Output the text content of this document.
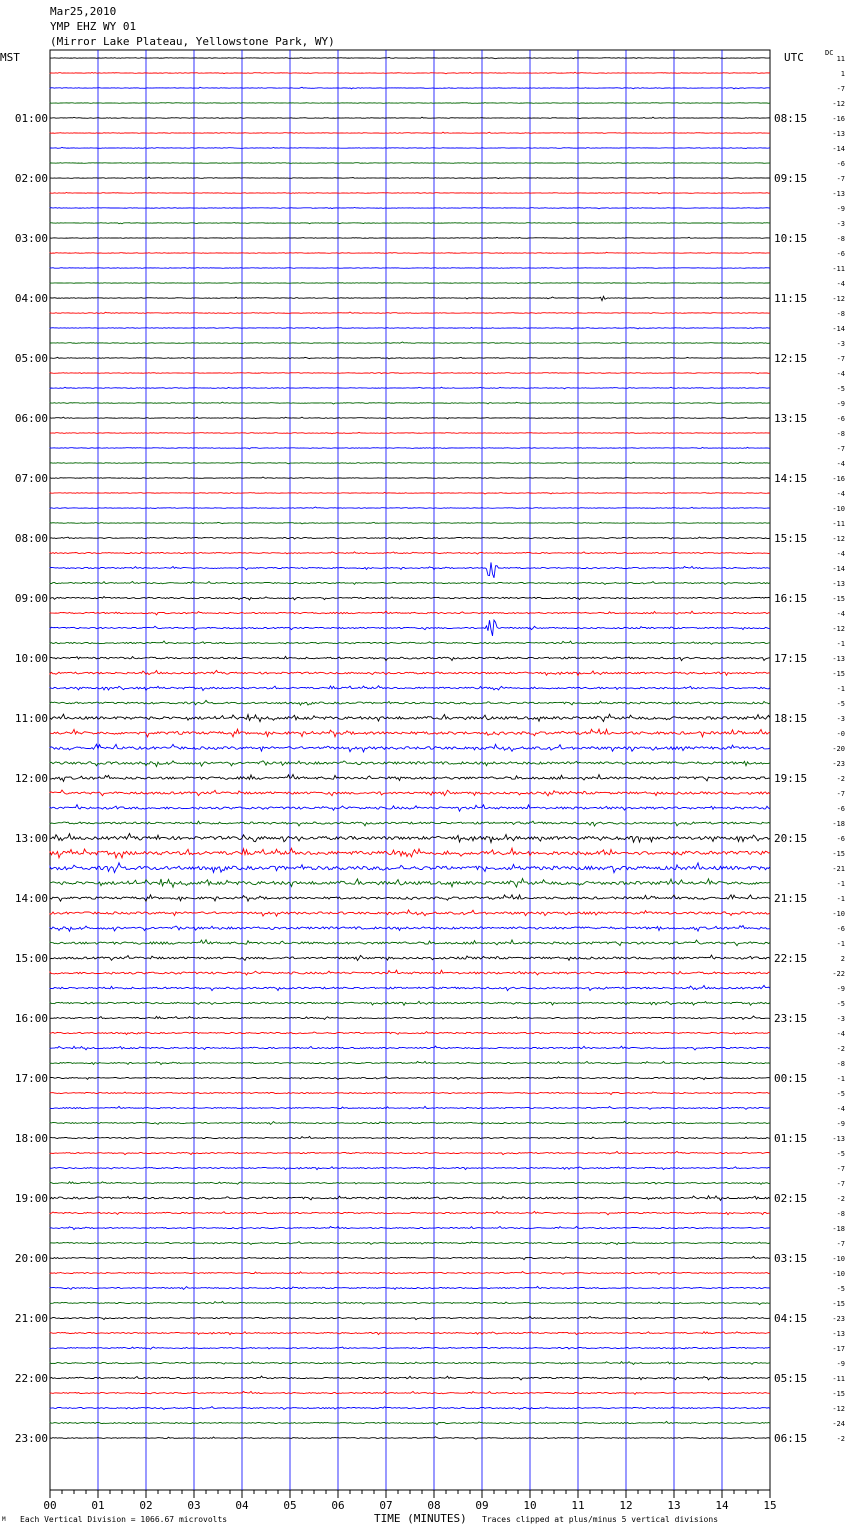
Mar25,2010
YMP EHZ WY 01
(Mirror Lake Plateau, Yellowstone Park, WY)
MST	UTC	DC
00	01	02	03	04	05	06	07	08	09	10	11	12	13	14	15
11
1
-7
-12
-16
-13
-14
-6
-7
-13
-9
-3
-8
-6
-11
-4
-12
-8
-14
-3
-7
-4
-5
-9
-6
-8
-7
-4
-16
-4
-10
-11
-12
-4
-14
-13
-15
-4
-12
-1
-13
-15
-1
-5
-3
-0
-20
-23
-2
-7
-6
-18
-6
-15
-21
-1
-1
-10
-6
-1
2
-22
-9
-5
-3
-4
-2
-8
-1
-5
-4
-9
-13
-5
-7
-7
-2
-8
-18
-7
-10
-10
-5
-15
-23
-13
-17
-9
-11
-15
-12
-24
-2
01:00	08:15
02:00	09:15
03:00	10:15
04:00	11:15
05:00	12:15
06:00	13:15
07:00	14:15
08:00	15:15
09:00	16:15
10:00	17:15
11:00	18:15
12:00	19:15
13:00	20:15
14:00	21:15
15:00	22:15
16:00	23:15
17:00	00:15
18:00	01:15
19:00	02:15
20:00	03:15
21:00	04:15
22:00	05:15
23:00	06:15
TIME (MINUTES)
M Each Vertical Division = 1066.67 microvolts	Traces clipped at plus/minus 5 vertical divisions
